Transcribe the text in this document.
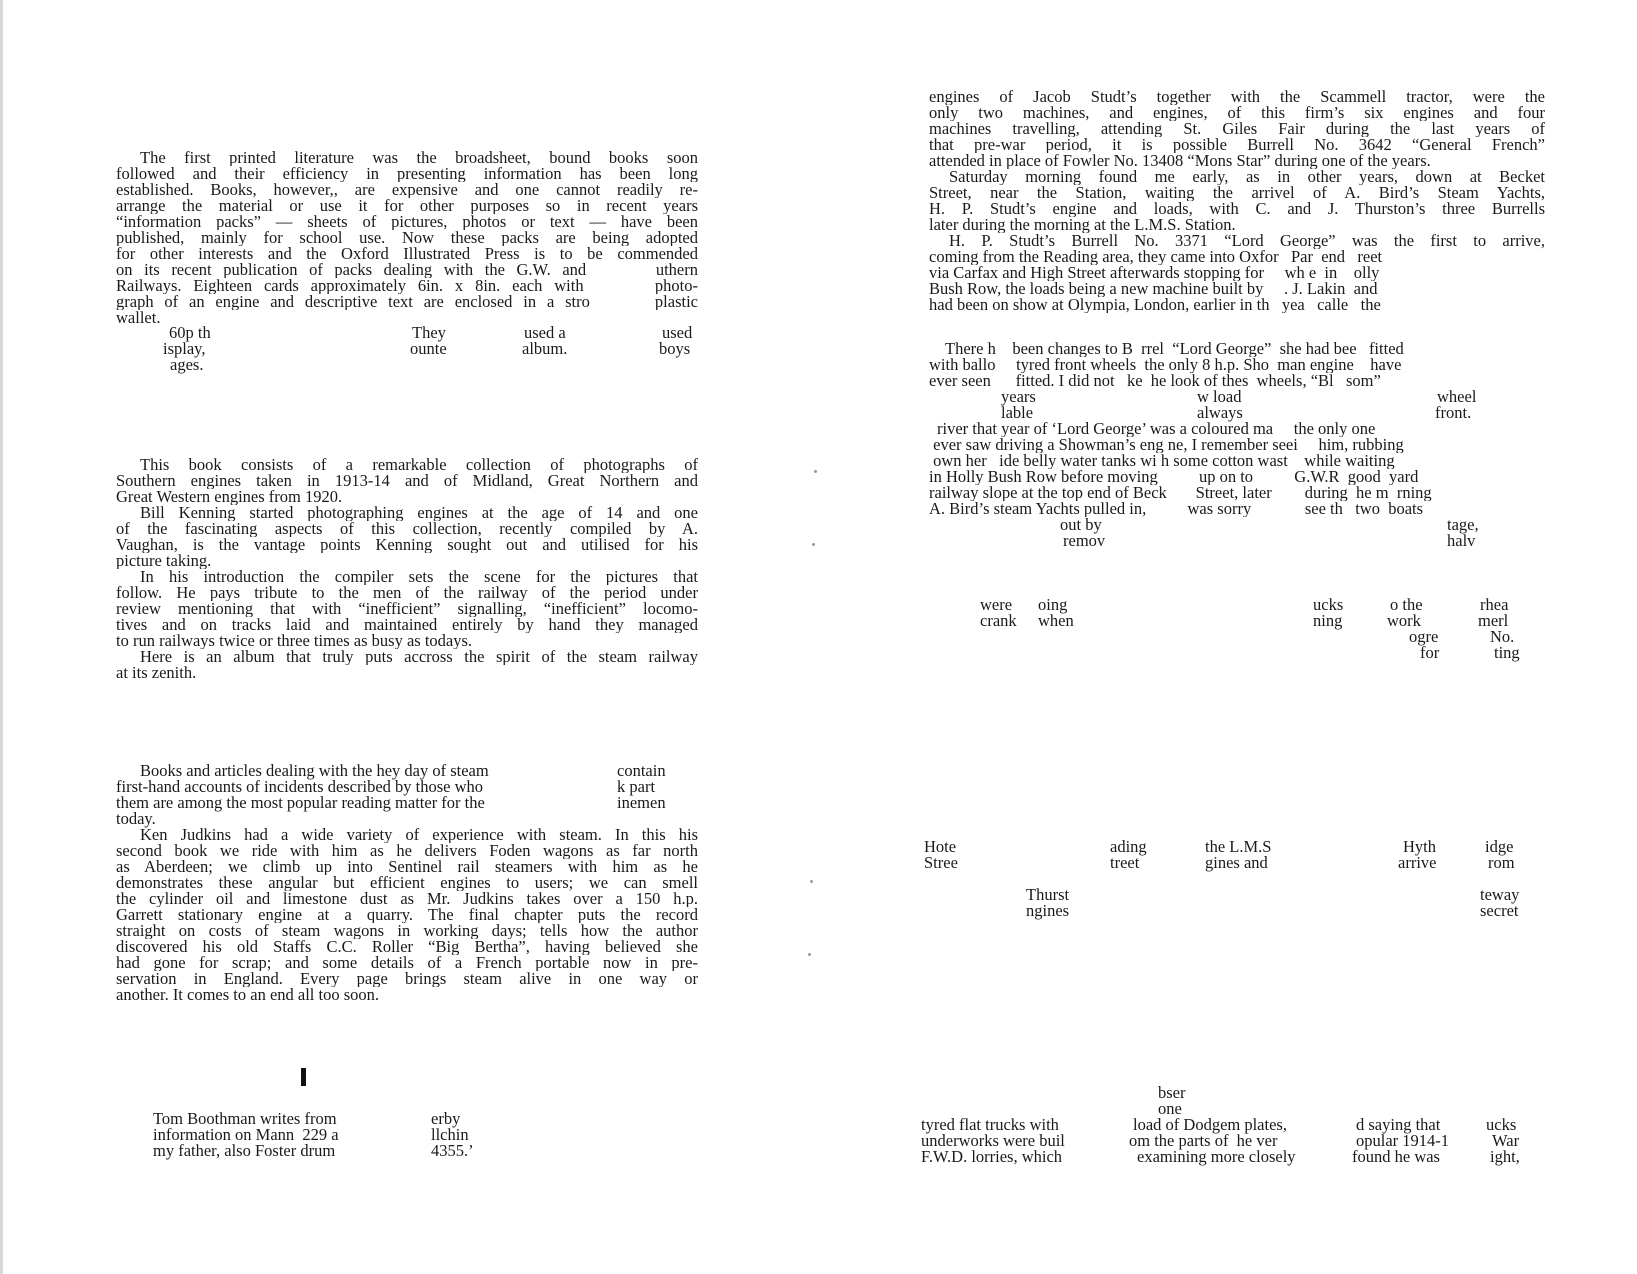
The first printed literature was the broadsheet, bound books soon
followed and their efficiency in presenting information has been long
established. Books, however,, are expensive and one cannot readily re-
arrange the material or use it for other purposes so in recent years
“information packs” — sheets of pictures, photos or text — have been
published, mainly for school use. Now these packs are being adopted
for other interests and the Oxford Illustrated Press is to be commended
on its recent publication of packs dealing with the G.W. and      uthern
Railways. Eighteen cards approximately 6in. x 8in. each with      photo-
graph of an engine and descriptive text are enclosed in a stro      plastic
wallet.
60p th	They	used a	used
isplay,	ounte	album.	boys
ages.
This book consists of a remarkable collection of photographs of
Southern engines taken in 1913-14 and of Midland, Great Northern and
Great Western engines from 1920.
Bill Kenning started photographing engines at the age of 14 and one
of the fascinating aspects of this collection, recently compiled by A.
Vaughan, is the vantage points Kenning sought out and utilised for his
picture taking.
In his introduction the compiler sets the scene for the pictures that
follow. He pays tribute to the men of the railway of the period under
review mentioning that with “inefficient” signalling, “inefficient” locomo-
tives and on tracks laid and maintained entirely by hand they managed
to run railways twice or three times as busy as todays.
Here is an album that truly puts accross the spirit of the steam railway
at its zenith.
Books and articles dealing with the hey day of steam	contain
first-hand accounts of incidents described by those who	k part
them are among the most popular reading matter for the	inemen
today.
Ken Judkins had a wide variety of experience with steam. In this his
second book we ride with him as he delivers Foden wagons as far north
as Aberdeen; we climb up into Sentinel rail steamers with him as he
demonstrates these angular but efficient engines to users; we can smell
the cylinder oil and limestone dust as Mr. Judkins takes over a 150 h.p.
Garrett stationary engine at a quarry. The final chapter puts the record
straight on costs of steam wagons in working days; tells how the author
discovered his old Staffs C.C. Roller “Big Bertha”, having believed she
had gone for scrap; and some details of a French portable now in pre-
servation in England. Every page brings steam alive in one way or
another. It comes to an end all too soon.
Tom Boothman writes from	erby
information on Mann  229 a	llchin
my father, also Foster drum	4355.’
engines of Jacob Studt’s together with the Scammell tractor, were the
only two machines, and engines, of this firm’s six engines and four
machines travelling, attending St. Giles Fair during the last years of
that pre-war period, it is possible Burrell No. 3642 “General French”
attended in place of Fowler No. 13408 “Mons Star” during one of the years.
Saturday morning found me early, as in other years, down at Becket
Street, near the Station, waiting the arrivel of A. Bird’s Steam Yachts,
H. P. Studt’s engine and loads, with C. and J. Thurston’s three Burrells
later during the morning at the L.M.S. Station.
H. P. Studt’s Burrell No. 3371 “Lord George” was the first to arrive,
coming from the Reading area, they came into Oxfor   Par  end   reet
via Carfax and High Street afterwards stopping for     wh e  in    olly
Bush Row, the loads being a new machine built by     . J. Lakin  and
had been on show at Olympia, London, earlier in th   yea   calle   the
There h    been changes to B  rrel  “Lord George”  she had bee   fitted
with ballo     tyred front wheels  the only 8 h.p. Sho  man engine    have
ever seen      fitted. I did not   ke  he look of thes  wheels, “Bl   som”
years	w load	wheel
lable	always	front.
river that year of ‘Lord George’ was a coloured ma     the only one
ever saw driving a Showman’s eng ne, I remember seei     him, rubbing
own her   ide belly water tanks wi h some cotton wast    while waiting
in Holly Bush Row before moving          up on to          G.W.R  good  yard
railway slope at the top end of Beck       Street, later        during  he m  rning
A. Bird’s steam Yachts pulled in,          was sorry             see th   two  boats
out by	tage,
remov	halv
were oing	ucks	o the	rhea
crank when	ning	work	merl
ogre	No.
for	ting
Hote	ading	the L.M.S	Hyth	idge
Stree	treet	gines and	arrive	rom
Thurst	teway
ngines	secret
bser
one
tyred flat trucks with	load of Dodgem plates,	d saying that	ucks
underworks were buil	om the parts of  he ver	opular 1914-1	War
F.W.D. lorries, which	examining more closely	found he was	ight,
